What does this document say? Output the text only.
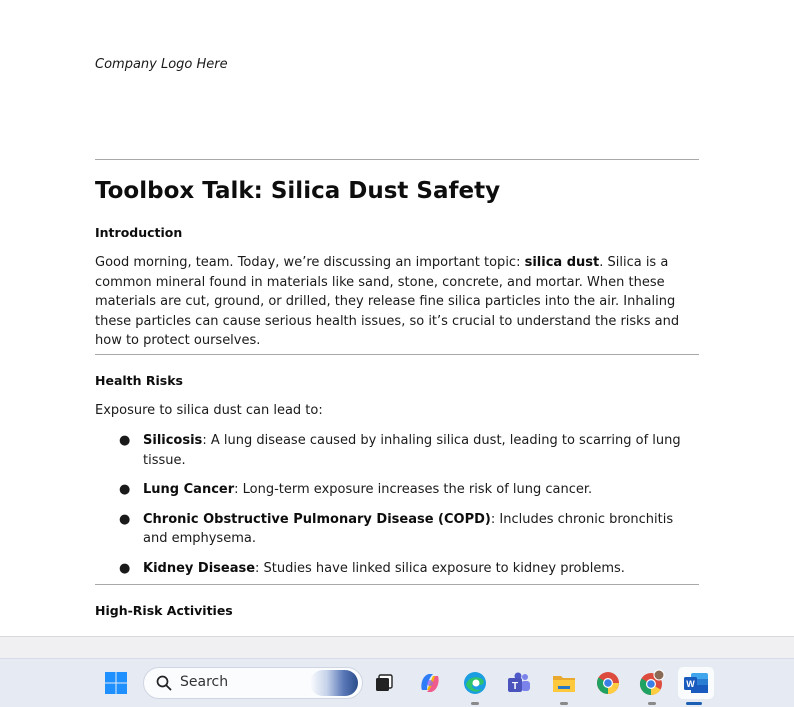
Company Logo Here
Toolbox Talk: Silica Dust Safety
Introduction
Good morning, team. Today, we’re discussing an important topic: silica dust. Silica is a common mineral found in materials like sand, stone, concrete, and mortar. When these materials are cut, ground, or drilled, they release fine silica particles into the air. Inhaling these particles can cause serious health issues, so it’s crucial to understand the risks and how to protect ourselves.
Health Risks
Exposure to silica dust can lead to:
● Silicosis: A lung disease caused by inhaling silica dust, leading to scarring of lung tissue.
● Lung Cancer: Long-term exposure increases the risk of lung cancer.
● Chronic Obstructive Pulmonary Disease (COPD): Includes chronic bronchitis and emphysema.
● Kidney Disease: Studies have linked silica exposure to kidney problems.
High-Risk Activities
Search	T	W
